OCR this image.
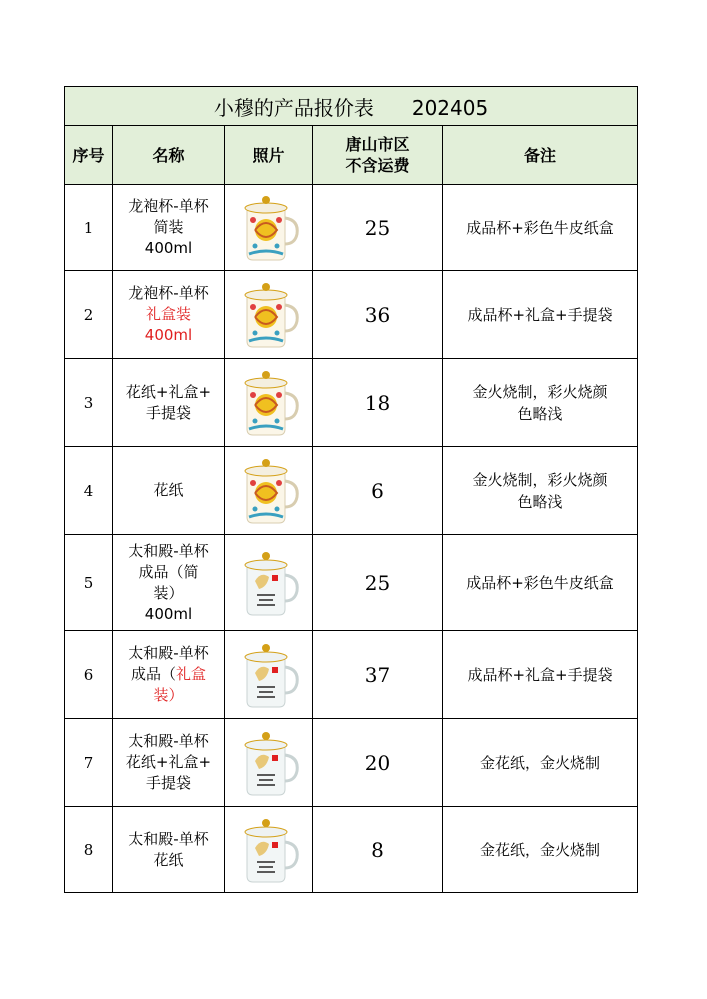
小穆的产品报价表 202405				
序号	名称	照片	唐山市区
不含运费	备注
1	龙袍杯-单杯
简装
400ml		25	成品杯+彩色牛皮纸盒

2	龙袍杯-单杯
礼盒装
400ml		36	成品杯+礼盒+手提袋

3	花纸+礼盒+
手提袋		18	金火烧制，彩火烧颜
色略浅

4	花纸		6	金火烧制，彩火烧颜
色略浅

5	太和殿-单杯
成品（简
装）
400ml		25	成品杯+彩色牛皮纸盒

6	太和殿-单杯
成品（礼盒
装）		37	成品杯+礼盒+手提袋

7	太和殿-单杯
花纸+礼盒+
手提袋		20	金花纸，金火烧制

8	太和殿-单杯
花纸		8	金花纸，金火烧制
